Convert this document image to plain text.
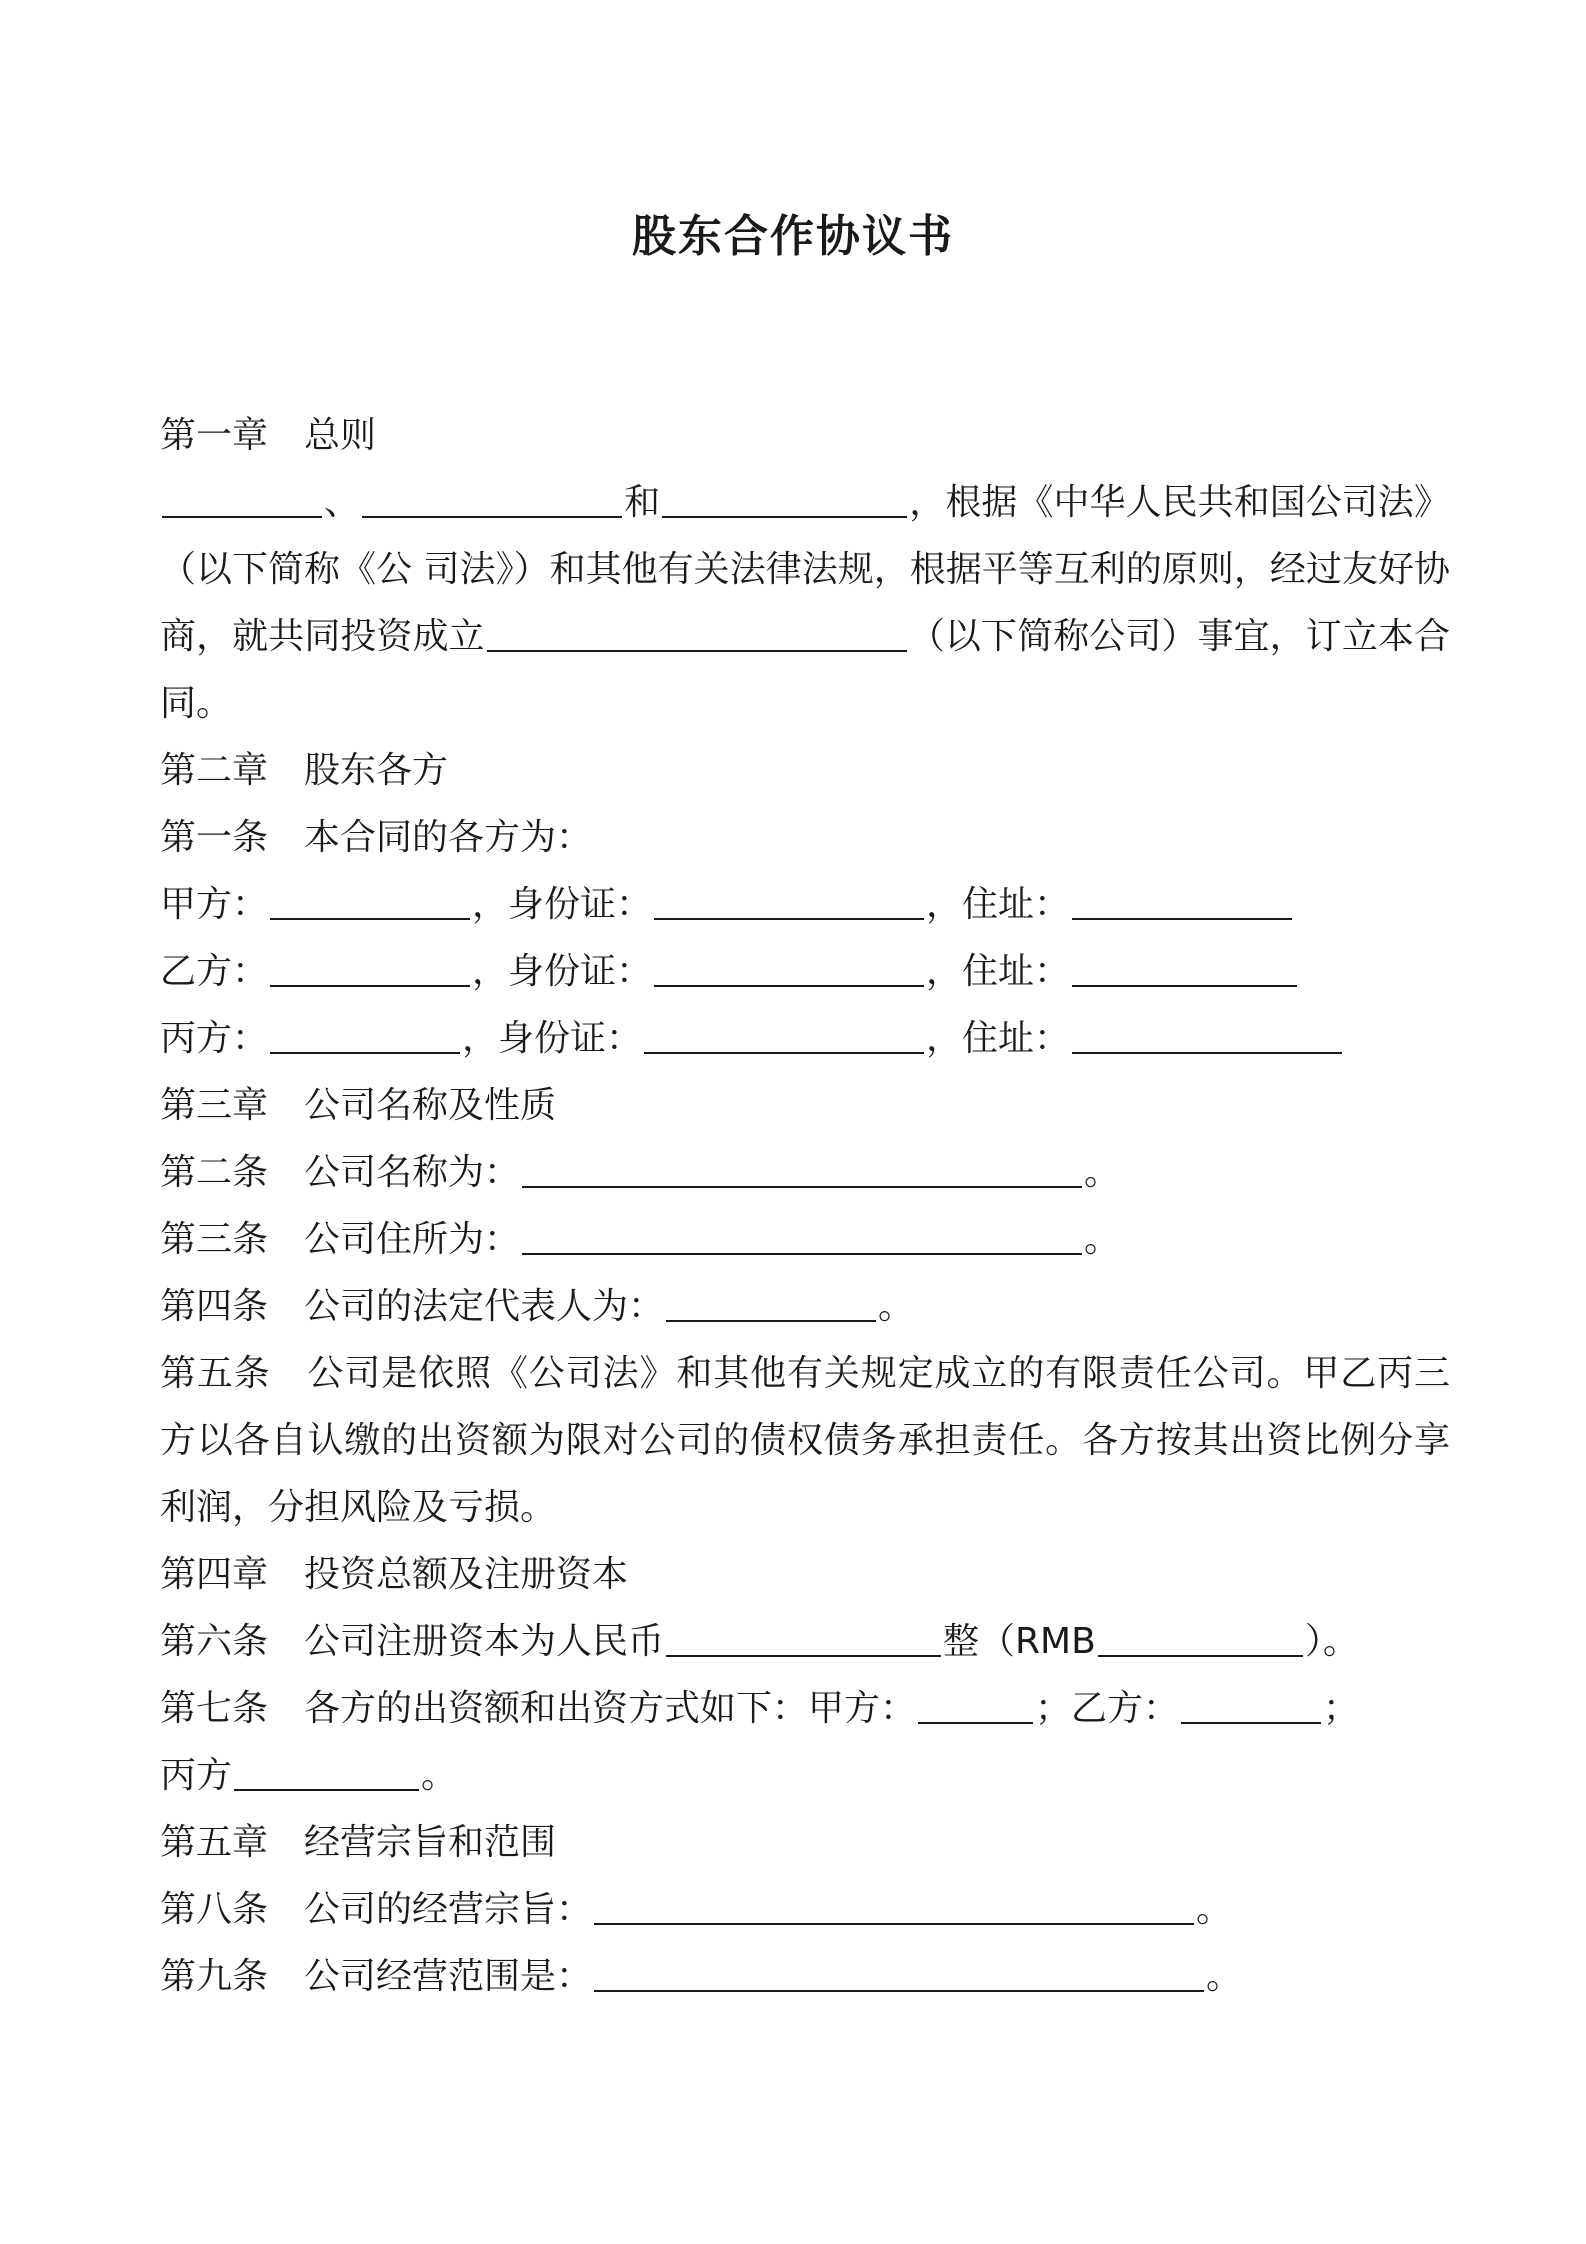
股东合作协议书
第一章 总则
、	和	，根据《中华人民共和国公司法》（以下简称《公 司法》）和其他有关法律法规，根据平等互利的原则，经过友好协商，就共同投资成立	（以下简称公司）事宜，订立本合同。
第二章 股东各方
第一条 本合同的各方为：
甲方：	，身份证：	，住址：
乙方：	，身份证：	，住址：
丙方：	，身份证：	，住址：
第三章 公司名称及性质
第二条 公司名称为：	。
第三条 公司住所为：	。
第四条 公司的法定代表人为：	。
第五条 公司是依照《公司法》和其他有关规定成立的有限责任公司。甲乙丙三方以各自认缴的出资额为限对公司的债权债务承担责任。各方按其出资比例分享利润，分担风险及亏损。
第四章 投资总额及注册资本
第六条 公司注册资本为人民币	整（RMB	）。
第七条 各方的出资额和出资方式如下：甲方：	；乙方：	；
丙方	。
第五章 经营宗旨和范围
第八条 公司的经营宗旨：	。
第九条 公司经营范围是：	。
